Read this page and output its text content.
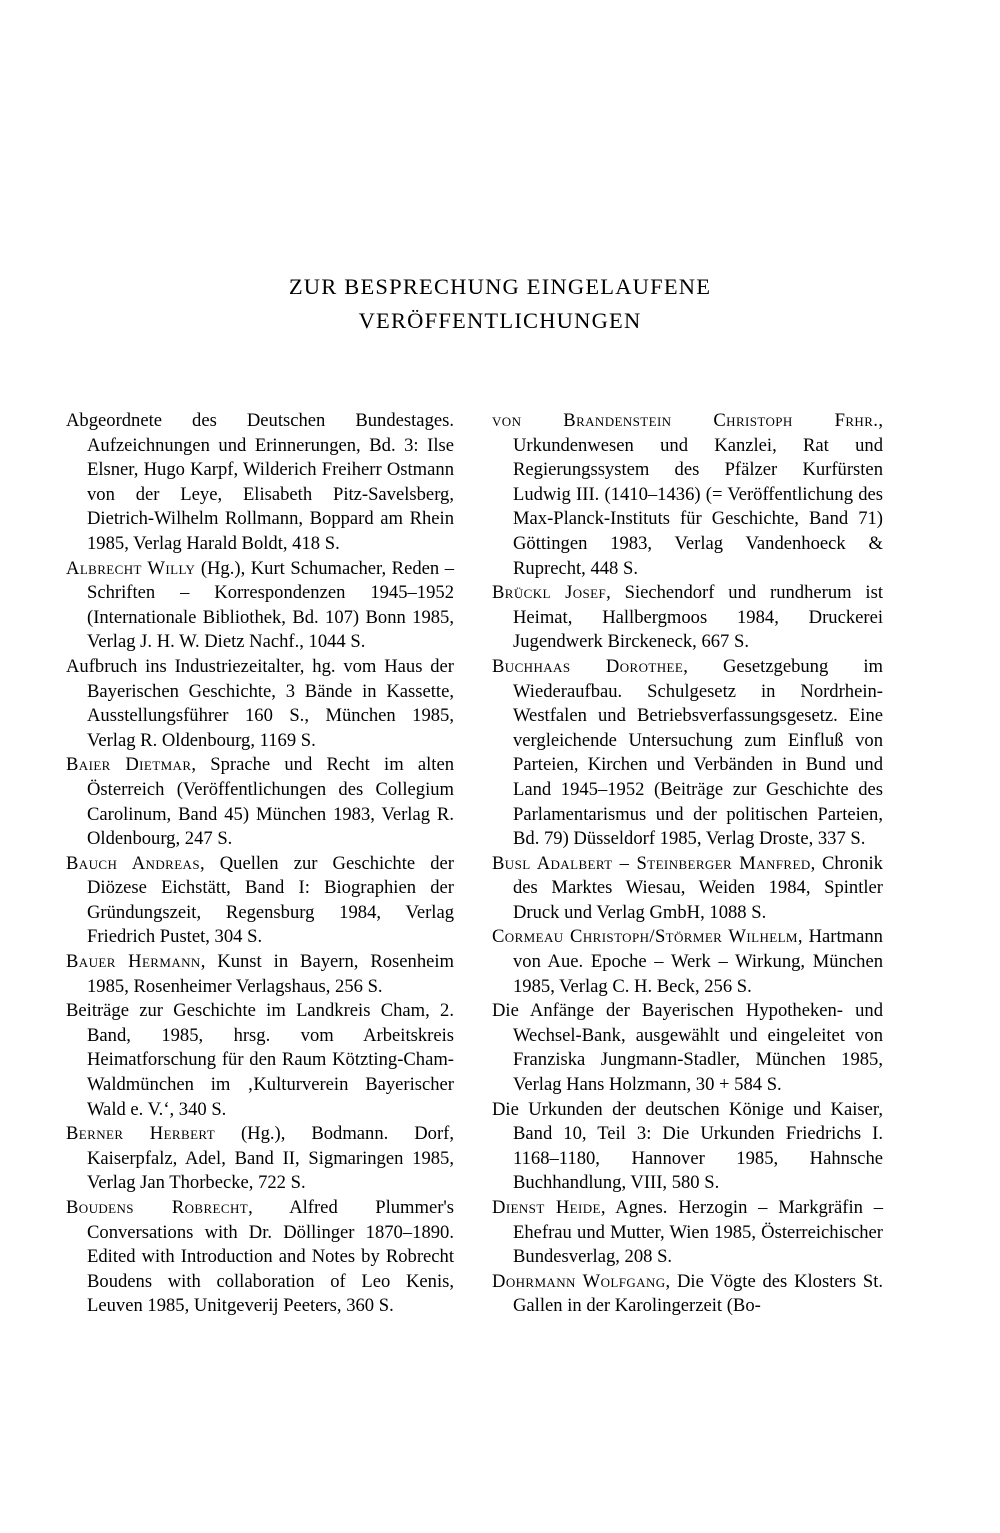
ZUR BESPRECHUNG EINGELAUFENE
VERÖFFENTLICHUNGEN

Abgeordnete des Deutschen Bundestages. Aufzeichnungen und Erinnerungen, Bd. 3: Ilse Elsner, Hugo Karpf, Wilderich Freiherr Ostmann von der Leye, Elisabeth Pitz-Savelsberg, Dietrich-Wilhelm Rollmann, Boppard am Rhein 1985, Verlag Harald Boldt, 418 S.

Albrecht Willy (Hg.), Kurt Schumacher, Reden – Schriften – Korrespondenzen 1945–1952 (Internationale Bibliothek, Bd. 107) Bonn 1985, Verlag J. H. W. Dietz Nachf., 1044 S.

Aufbruch ins Industriezeitalter, hg. vom Haus der Bayerischen Geschichte, 3 Bände in Kassette, Ausstellungsführer 160 S., München 1985, Verlag R. Oldenbourg, 1169 S.

Baier Dietmar, Sprache und Recht im alten Österreich (Veröffentlichungen des Collegium Carolinum, Band 45) München 1983, Verlag R. Oldenbourg, 247 S.

Bauch Andreas, Quellen zur Geschichte der Diözese Eichstätt, Band I: Biographien der Gründungszeit, Regensburg 1984, Verlag Friedrich Pustet, 304 S.

Bauer Hermann, Kunst in Bayern, Rosenheim 1985, Rosenheimer Verlagshaus, 256 S.

Beiträge zur Geschichte im Landkreis Cham, 2. Band, 1985, hrsg. vom Arbeitskreis Heimatforschung für den Raum Kötzting-Cham-Waldmünchen im ‚Kulturverein Bayerischer Wald e. V.‘, 340 S.

Berner Herbert (Hg.), Bodmann. Dorf, Kaiserpfalz, Adel, Band II, Sigmaringen 1985, Verlag Jan Thorbecke, 722 S.

Boudens Robrecht, Alfred Plummer's Conversations with Dr. Döllinger 1870–1890. Edited with Introduction and Notes by Robrecht Boudens with collaboration of Leo Kenis, Leuven 1985, Unitgeverij Peeters, 360 S.

von Brandenstein Christoph Frhr., Urkundenwesen und Kanzlei, Rat und Regierungssystem des Pfälzer Kurfürsten Ludwig III. (1410–1436) (= Veröffentlichung des Max-Planck-Instituts für Geschichte, Band 71) Göttingen 1983, Verlag Vandenhoeck & Ruprecht, 448 S.

Brückl Josef, Siechendorf und rundherum ist Heimat, Hallbergmoos 1984, Druckerei Jugendwerk Birckeneck, 667 S.

Buchhaas Dorothee, Gesetzgebung im Wiederaufbau. Schulgesetz in Nordrhein-Westfalen und Betriebsverfassungsgesetz. Eine vergleichende Untersuchung zum Einfluß von Parteien, Kirchen und Verbänden in Bund und Land 1945–1952 (Beiträge zur Geschichte des Parlamentarismus und der politischen Parteien, Bd. 79) Düsseldorf 1985, Verlag Droste, 337 S.

Busl Adalbert – Steinberger Manfred, Chronik des Marktes Wiesau, Weiden 1984, Spintler Druck und Verlag GmbH, 1088 S.

Cormeau Christoph/Störmer Wilhelm, Hartmann von Aue. Epoche – Werk – Wirkung, München 1985, Verlag C. H. Beck, 256 S.

Die Anfänge der Bayerischen Hypotheken- und Wechsel-Bank, ausgewählt und eingeleitet von Franziska Jungmann-Stadler, München 1985, Verlag Hans Holzmann, 30 + 584 S.

Die Urkunden der deutschen Könige und Kaiser, Band 10, Teil 3: Die Urkunden Friedrichs I. 1168–1180, Hannover 1985, Hahnsche Buchhandlung, VIII, 580 S.

Dienst Heide, Agnes. Herzogin – Markgräfin – Ehefrau und Mutter, Wien 1985, Österreichischer Bundesverlag, 208 S.

Dohrmann Wolfgang, Die Vögte des Klosters St. Gallen in der Karolingerzeit (Bo-
